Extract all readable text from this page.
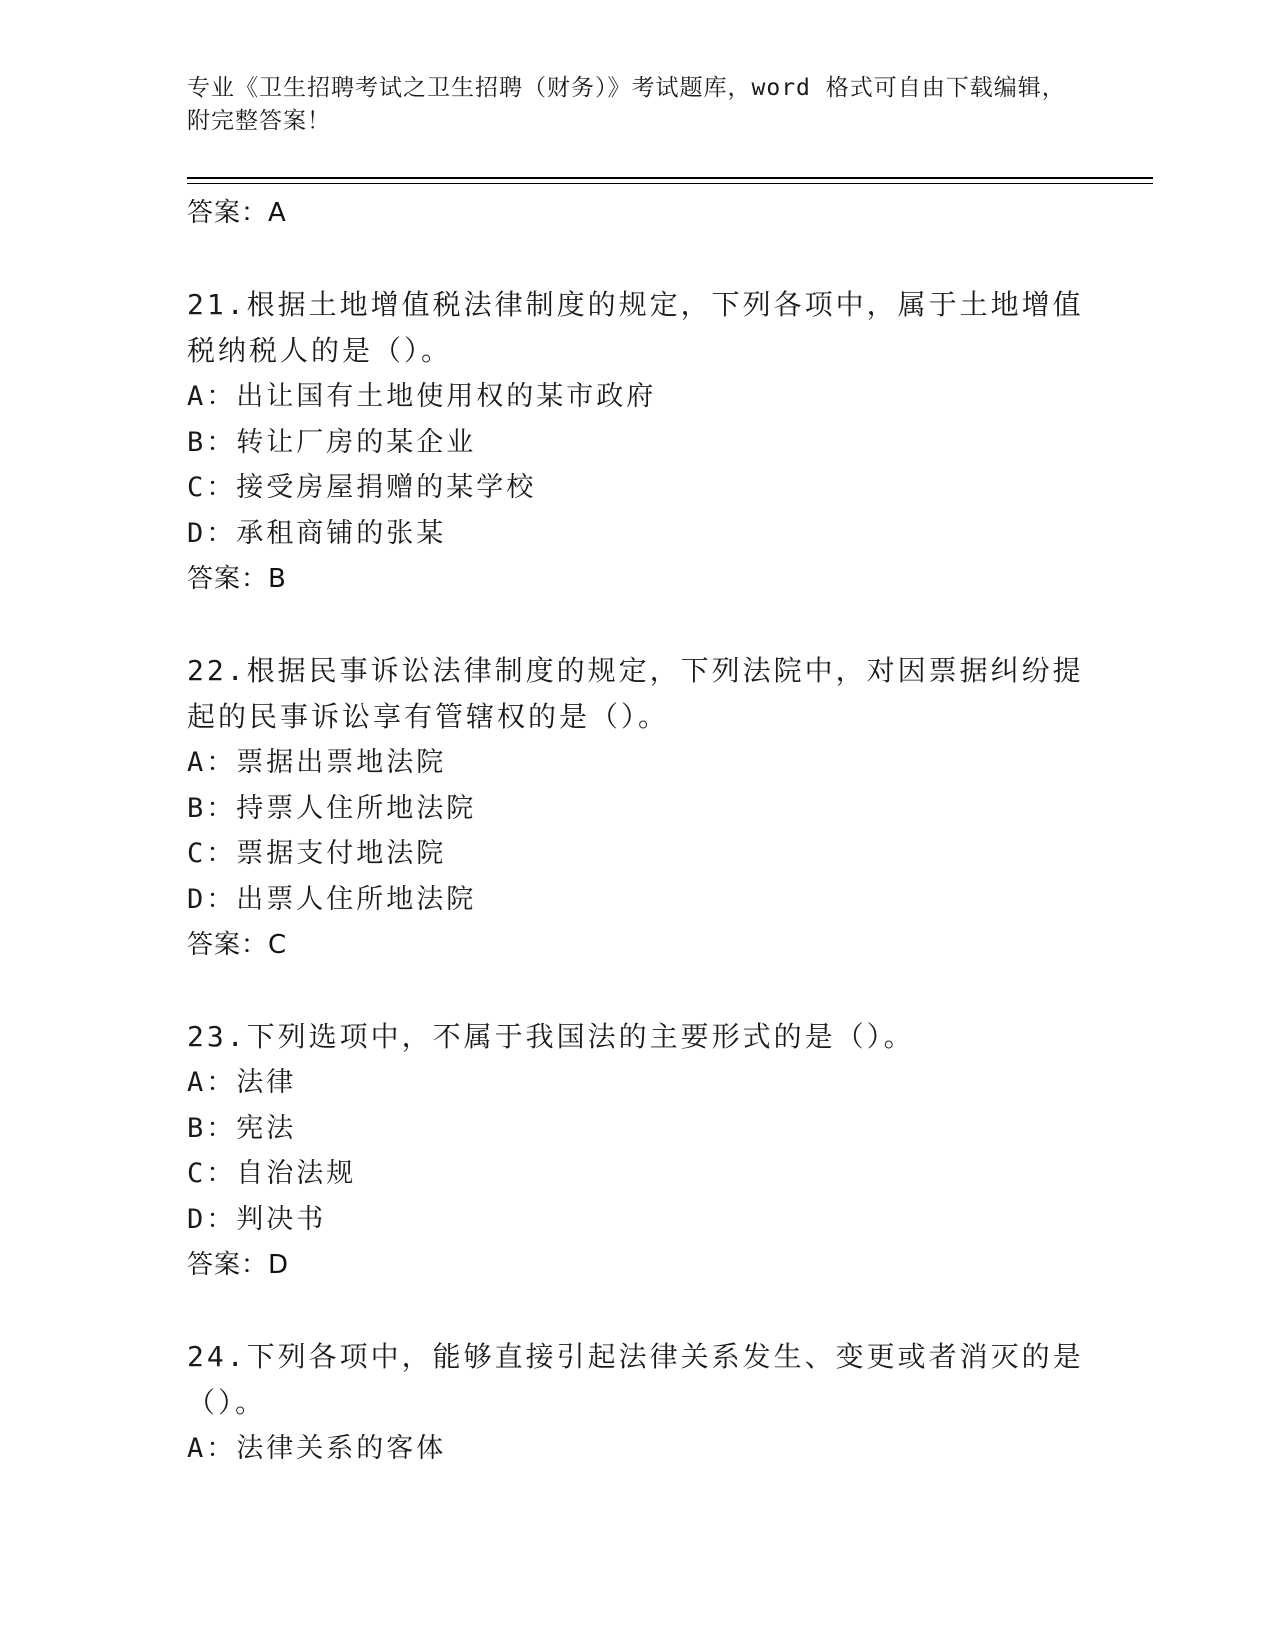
专业《卫生招聘考试之卫生招聘（财务）》考试题库，word 格式可自由下载编辑，附完整答案！
答案：A
21.根据土地增值税法律制度的规定，下列各项中，属于土地增值税纳税人的是（）。
A：出让国有土地使用权的某市政府
B：转让厂房的某企业
C：接受房屋捐赠的某学校
D：承租商铺的张某
答案：B
22.根据民事诉讼法律制度的规定，下列法院中，对因票据纠纷提起的民事诉讼享有管辖权的是（）。
A：票据出票地法院
B：持票人住所地法院
C：票据支付地法院
D：出票人住所地法院
答案：C
23.下列选项中，不属于我国法的主要形式的是（）。
A：法律
B：宪法
C：自治法规
D：判决书
答案：D
24.下列各项中，能够直接引起法律关系发生、变更或者消灭的是（）。
A：法律关系的客体
